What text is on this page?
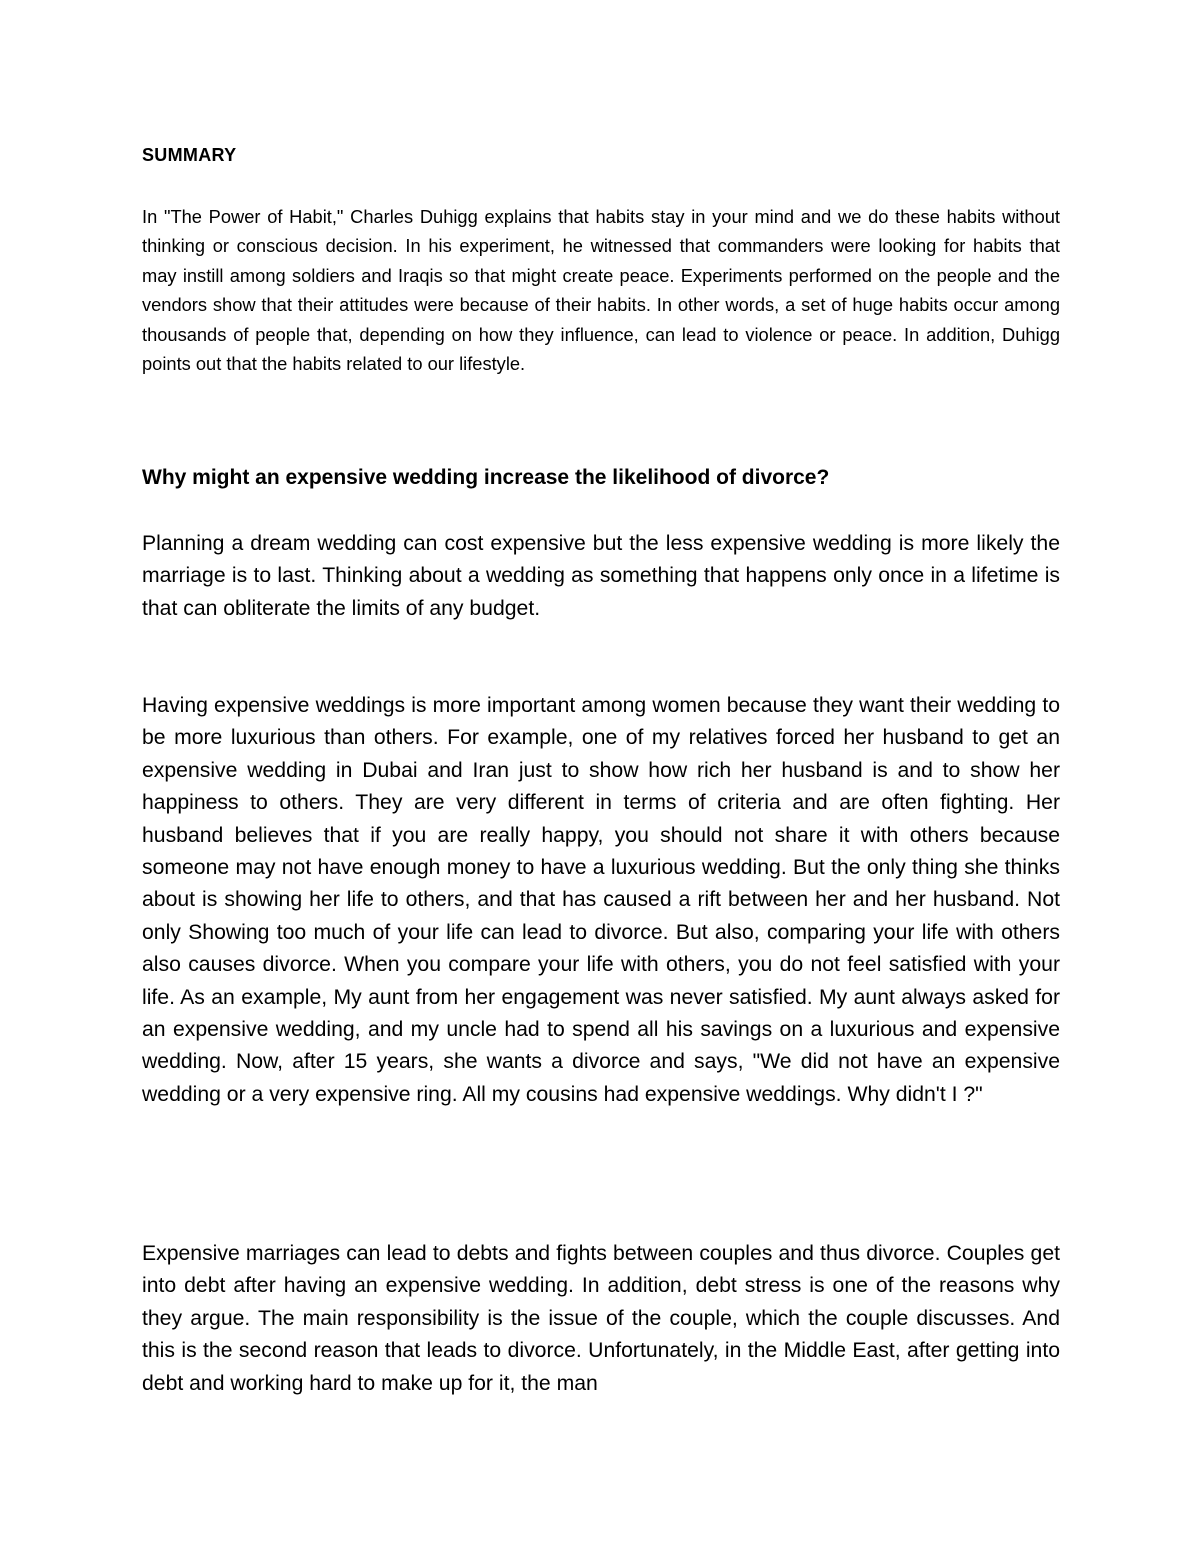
SUMMARY

In "The Power of Habit," Charles Duhigg explains that habits stay in your mind and we do these habits without thinking or conscious decision. In his experiment, he witnessed that commanders were looking for habits that may instill among soldiers and Iraqis so that might create peace. Experiments performed on the people and the vendors show that their attitudes were because of their habits. In other words, a set of huge habits occur among thousands of people that, depending on how they influence, can lead to violence or peace. In addition, Duhigg points out that the habits related to our lifestyle.

Why might an expensive wedding increase the likelihood of divorce?

Planning a dream wedding can cost expensive but the less expensive wedding is more likely the marriage is to last. Thinking about a wedding as something that happens only once in a lifetime is that can obliterate the limits of any budget.

Having expensive weddings is more important among women because they want their wedding to be more luxurious than others. For example, one of my relatives forced her husband to get an expensive wedding in Dubai and Iran just to show how rich her husband is and to show her happiness to others. They are very different in terms of criteria and are often fighting. Her husband believes that if you are really happy, you should not share it with others because someone may not have enough money to have a luxurious wedding. But the only thing she thinks about is showing her life to others, and that has caused a rift between her and her husband. Not only Showing too much of your life can lead to divorce. But also, comparing your life with others also causes divorce. When you compare your life with others, you do not feel satisfied with your life. As an example, My aunt from her engagement was never satisfied. My aunt always asked for an expensive wedding, and my uncle had to spend all his savings on a luxurious and expensive wedding. Now, after 15 years, she wants a divorce and says, "We did not have an expensive wedding or a very expensive ring. All my cousins had expensive weddings. Why didn't I ?"

Expensive marriages can lead to debts and fights between couples and thus divorce. Couples get into debt after having an expensive wedding. In addition, debt stress is one of the reasons why they argue. The main responsibility is the issue of the couple, which the couple discusses. And this is the second reason that leads to divorce. Unfortunately, in the Middle East, after getting into debt and working hard to make up for it, the man
